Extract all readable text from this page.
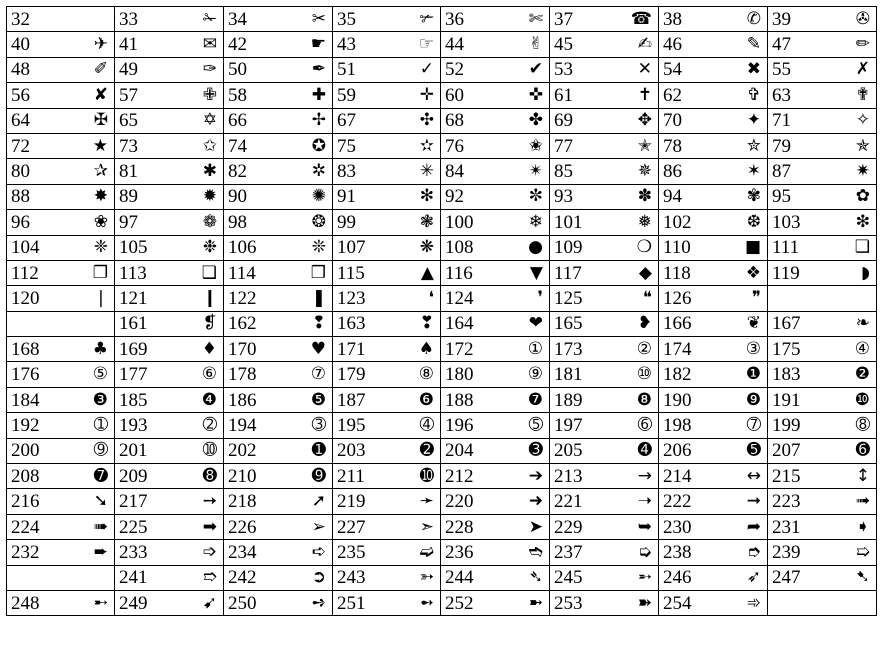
32	33 ✁	34 ✂	35 ✃	36 ✄	37 ☎	38 ✆	39 ✇

40 ✈	41 ✉	42 ☛	43 ☞	44 ✌	45 ✍	46 ✎	47 ✏

48 ✐	49 ✑	50 ✒	51 ✓	52 ✔	53 ✕	54 ✖	55 ✗

56 ✘	57 ✙	58 ✚	59 ✛	60 ✜	61 ✝	62 ✞	63 ✟

64 ✠	65 ✡	66 ✢	67 ✣	68 ✤	69 ✥	70 ✦	71 ✧

72 ★	73 ✩	74 ✪	75 ✫	76 ✬	77 ✭	78 ✮	79 ✯

80 ✰	81 ✱	82 ✲	83 ✳	84 ✴	85 ✵	86 ✶	87 ✷

88 ✸	89 ✹	90 ✺	91 ✻	92 ✼	93 ✽	94 ✾	95 ✿

96 ❀	97 ❁	98 ❂	99 ❃	100 ❄	101 ❅	102 ❆	103 ❇

104 ❈	105 ❉	106 ❊	107 ❋	108 ●	109 ❍	110 ■	111 ❏

112 ❐	113 ❑	114 ❒	115 ▲	116 ▼	117 ◆	118 ❖	119 ◗

120 ❘	121 ❙	122 ❚	123 ❛	124 ❜	125 ❝	126 ❞	

	161 ❡	162 ❢	163 ❣	164 ❤	165 ❥	166 ❦	167 ❧

168 ♣	169 ♦	170 ♥	171 ♠	172 ①	173 ②	174 ③	175 ④

176 ⑤	177 ⑥	178 ⑦	179 ⑧	180 ⑨	181 ⑩	182 ❶	183 ❷

184 ❸	185 ❹	186 ❺	187 ❻	188 ❼	189 ❽	190 ❾	191 ❿

192 ➀	193 ➁	194 ➂	195 ➃	196 ➄	197 ➅	198 ➆	199 ➇

200 ➈	201 ➉	202 ➊	203 ➋	204 ➌	205 ➍	206 ➎	207 ➏

208 ➐	209 ➑	210 ➒	211 ➓	212 ➔	213 →	214 ↔	215 ↕

216 ➘	217 ➙	218 ➚	219 ➛	220 ➜	221 ➝	222 ➞	223 ➟

224 ➠	225 ➡	226 ➢	227 ➣	228 ➤	229 ➥	230 ➦	231 ➧

232 ➨	233 ➩	234 ➪	235 ➫	236 ➬	237 ➭	238 ➮	239 ➯

	241 ➱	242 ➲	243 ➳	244 ➴	245 ➵	246 ➶	247 ➷

248 ➸	249 ➹	250 ➺	251 ➻	252 ➼	253 ➽	254 ➾	
